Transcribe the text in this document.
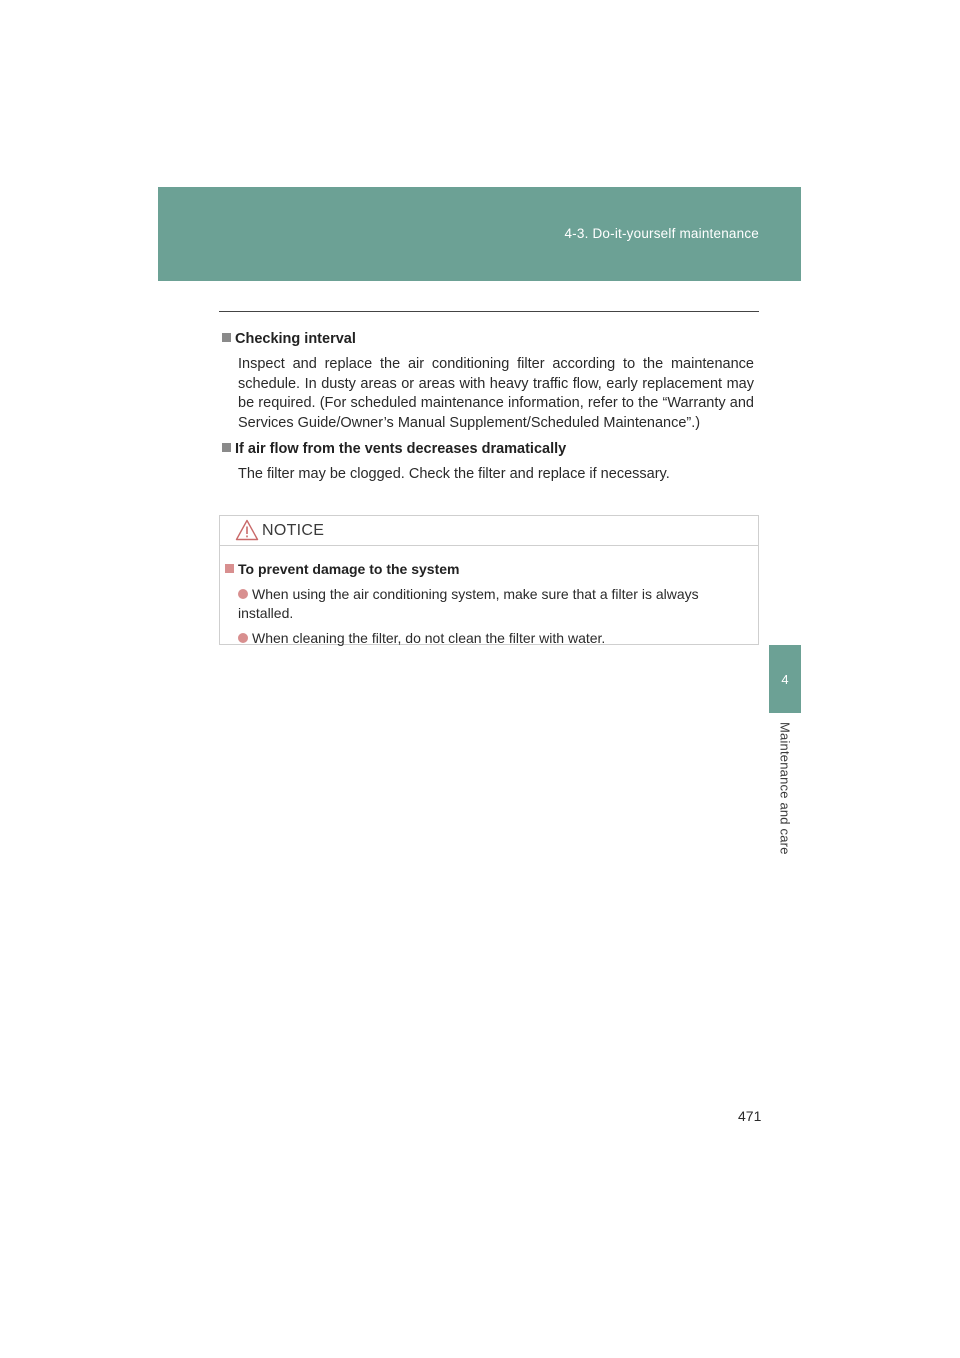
4-3. Do-it-yourself maintenance
4
Maintenance and care
Checking interval
Inspect and replace the air conditioning filter according to the maintenance schedule. In dusty areas or areas with heavy traffic flow, early replacement may be required. (For scheduled maintenance information, refer to the “Warranty and Services Guide/Owner’s Manual Supplement/Scheduled Maintenance”.)
If air flow from the vents decreases dramatically
The filter may be clogged. Check the filter and replace if necessary.
NOTICE
To prevent damage to the system
When using the air conditioning system, make sure that a filter is always installed.
When cleaning the filter, do not clean the filter with water.
471
